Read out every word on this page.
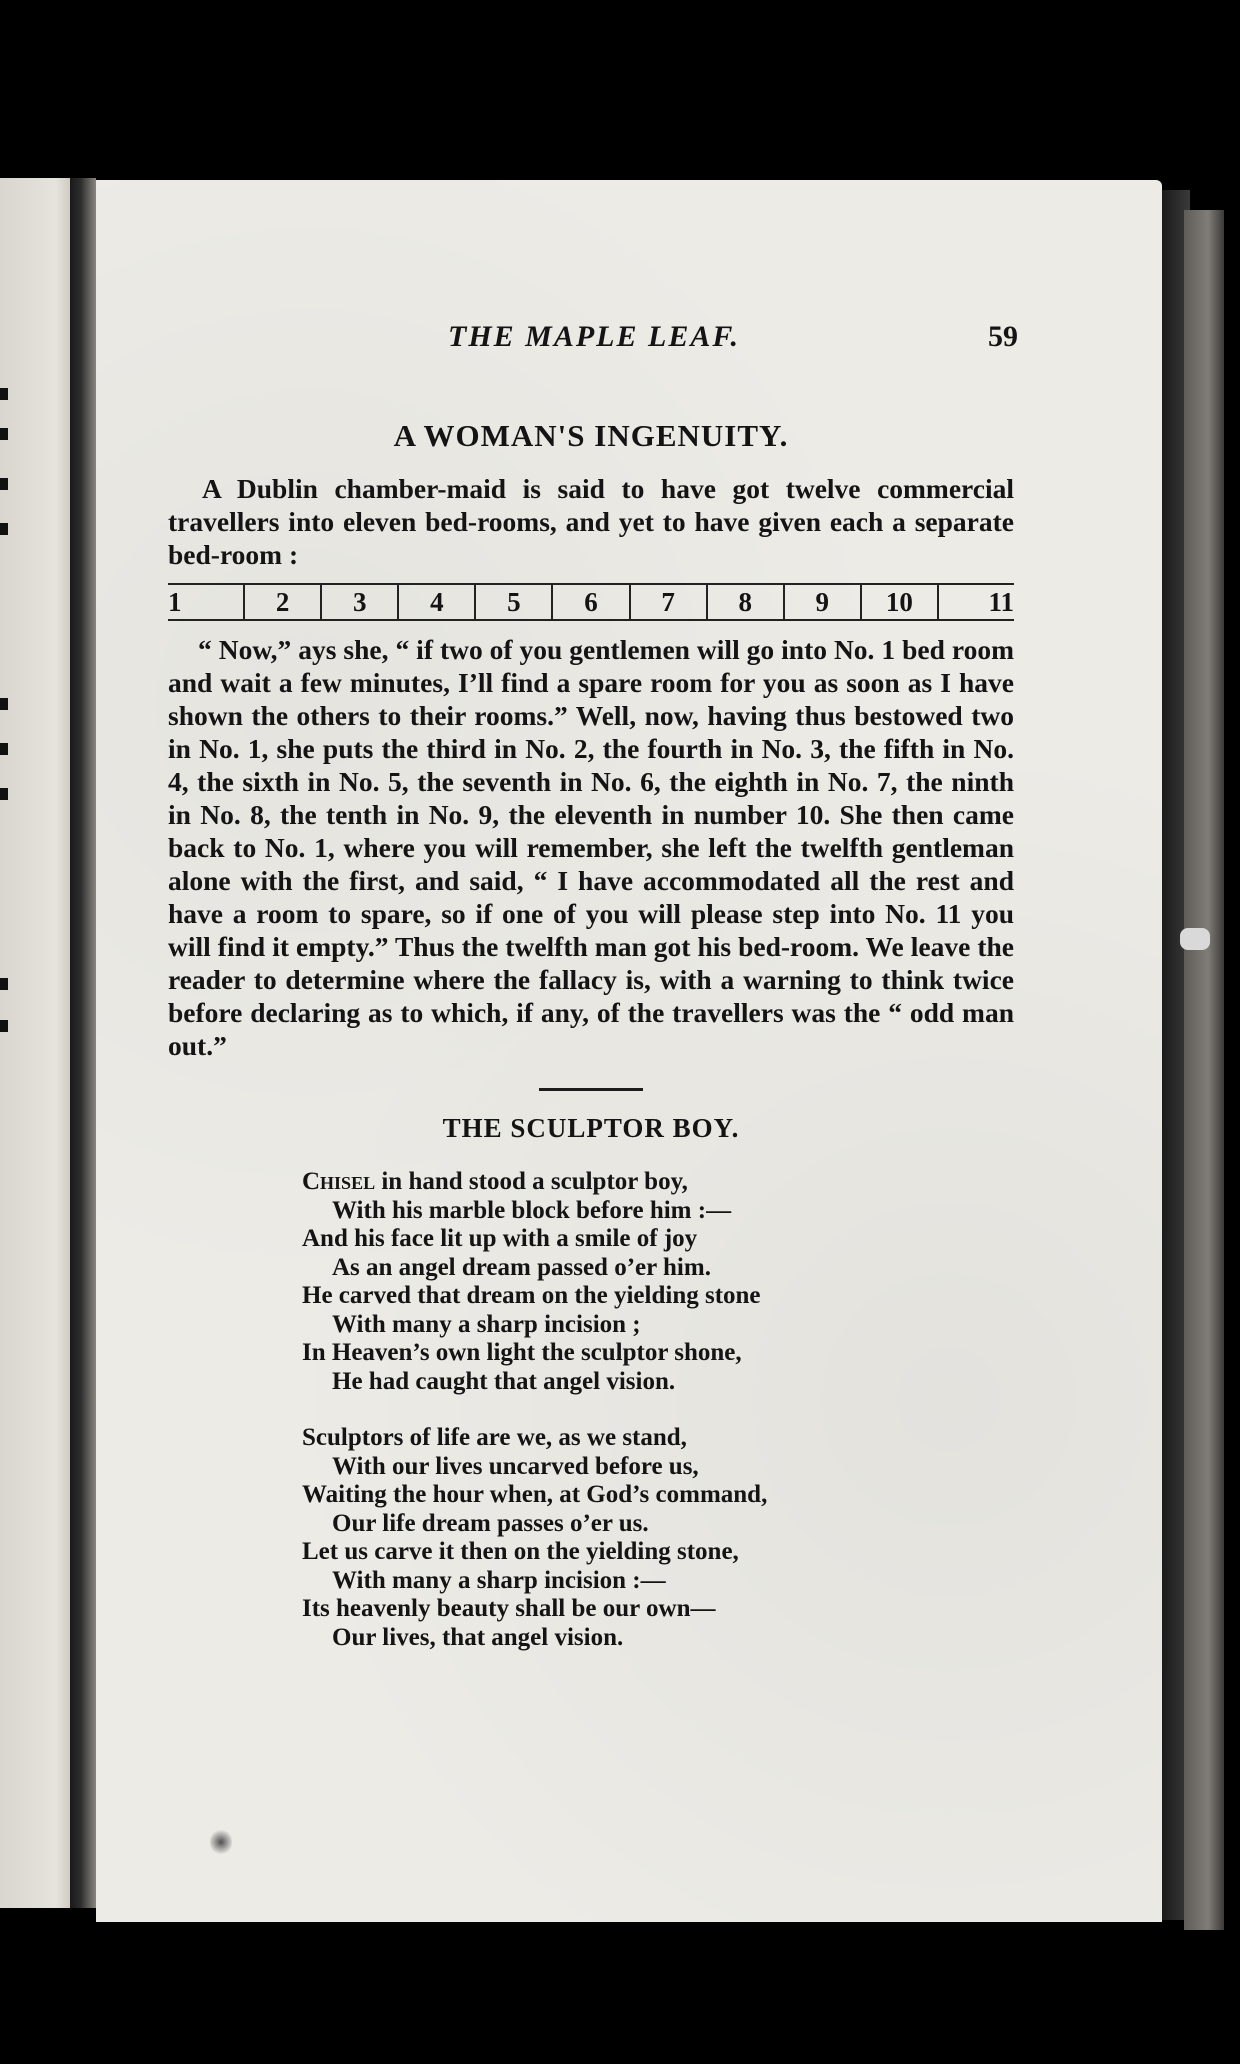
THE MAPLE LEAF.	59
A WOMAN'S INGENUITY.

A Dublin chamber-maid is said to have got twelve commercial travellers into eleven bed-rooms, and yet to have given each a separate bed-room :

1	2	3	4	5	6	7	8	9	10	11

“ Now,” ays she, “ if two of you gentlemen will go into No. 1 bed room and wait a few minutes, I’ll find a spare room for you as soon as I have shown the others to their rooms.” Well, now, having thus bestowed two in No. 1, she puts the third in No. 2, the fourth in No. 3, the fifth in No. 4, the sixth in No. 5, the seventh in No. 6, the eighth in No. 7, the ninth in No. 8, the tenth in No. 9, the eleventh in number 10. She then came back to No. 1, where you will remember, she left the twelfth gentleman alone with the first, and said, “ I have accommodated all the rest and have a room to spare, so if one of you will please step into No. 11 you will find it empty.” Thus the twelfth man got his bed-room. We leave the reader to determine where the fallacy is, with a warning to think twice before declaring as to which, if any, of the travellers was the “ odd man out.”

THE SCULPTOR BOY.
Chisel in hand stood a sculptor boy,
With his marble block before him :—
And his face lit up with a smile of joy
As an angel dream passed o’er him.
He carved that dream on the yielding stone
With many a sharp incision ;
In Heaven’s own light the sculptor shone,
He had caught that angel vision.
Sculptors of life are we, as we stand,
With our lives uncarved before us,
Waiting the hour when, at God’s command,
Our life dream passes o’er us.
Let us carve it then on the yielding stone,
With many a sharp incision :—
Its heavenly beauty shall be our own—
Our lives, that angel vision.
